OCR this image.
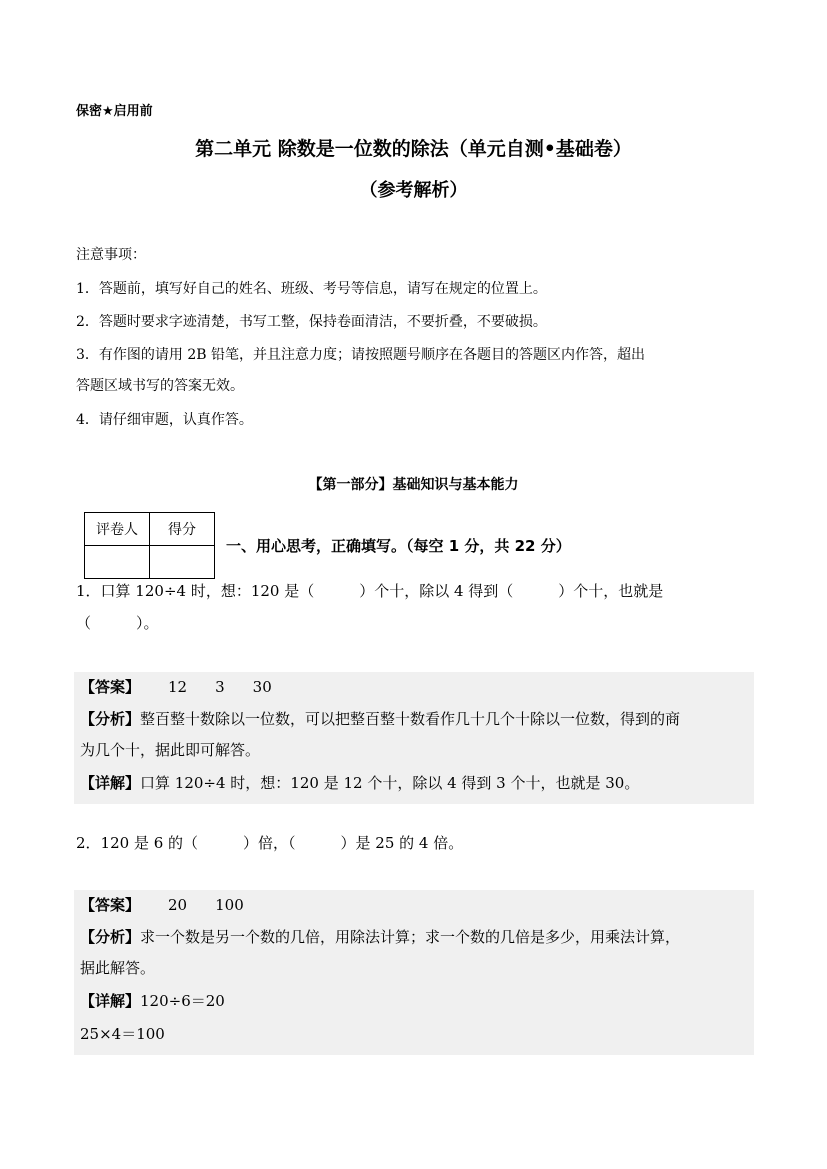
保密★启用前
第二单元 除数是一位数的除法（单元自测•基础卷）
（参考解析）
注意事项：
1．答题前，填写好自己的姓名、班级、考号等信息，请写在规定的位置上。
2．答题时要求字迹清楚，书写工整，保持卷面清洁，不要折叠，不要破损。
3．有作图的请用 2B 铅笔，并且注意力度；请按照题号顺序在各题目的答题区内作答，超出
答题区域书写的答案无效。
4．请仔细审题，认真作答。
【第一部分】基础知识与基本能力
评卷人	得分

一、用心思考，正确填写。（每空 1 分，共 22 分）
1．口算 120÷4 时，想：120 是（　　　）个十，除以 4 得到（　　　）个十，也就是
（　　　）。
【答案】 12 3 30
【分析】整百整十数除以一位数，可以把整百整十数看作几十几个十除以一位数，得到的商
为几个十，据此即可解答。
【详解】口算 120÷4 时，想：120 是 12 个十，除以 4 得到 3 个十，也就是 30。
2．120 是 6 的（　　　）倍，（　　　）是 25 的 4 倍。
【答案】 20 100
【分析】求一个数是另一个数的几倍，用除法计算；求一个数的几倍是多少，用乘法计算，
据此解答。
【详解】120÷6＝20
25×4＝100
